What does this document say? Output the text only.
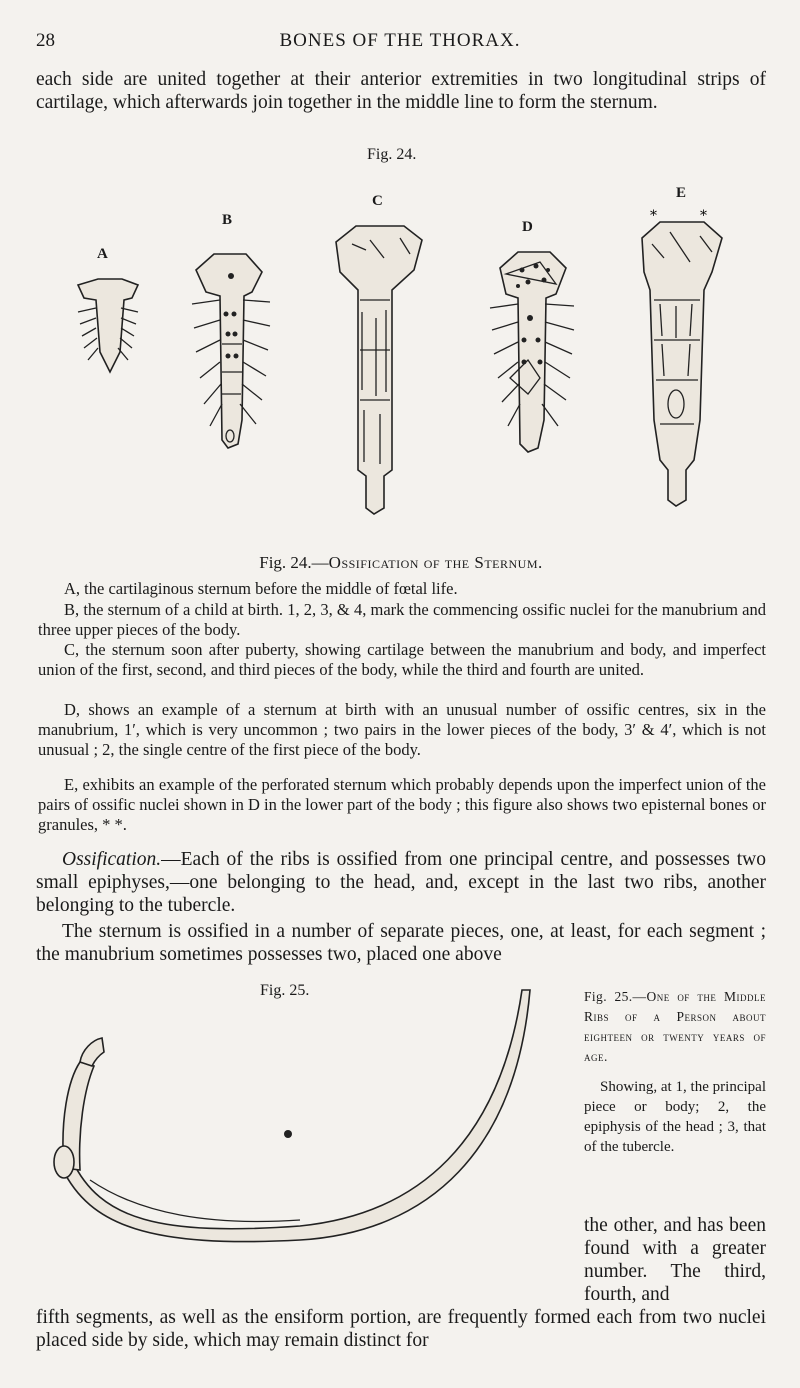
28	BONES OF THE THORAX.

each side are united together at their anterior extremities in two longitudinal strips of cartilage, which afterwards join together in the middle line to form the sternum.

Fig. 24.
A
B
C
D
E
*	*
Fig. 24.—Ossification of the Sternum.

A, the cartilaginous sternum before the middle of fœtal life.

B, the sternum of a child at birth. 1, 2, 3, & 4, mark the commencing ossific nuclei for the manubrium and three upper pieces of the body.

C, the sternum soon after puberty, showing cartilage between the manubrium and body, and imperfect union of the first, second, and third pieces of the body, while the third and fourth are united.

D, shows an example of a sternum at birth with an unusual number of ossific centres, six in the manubrium, 1′, which is very uncommon ; two pairs in the lower pieces of the body, 3′ & 4′, which is not unusual ; 2, the single centre of the first piece of the body.

E, exhibits an example of the perforated sternum which probably depends upon the imperfect union of the pairs of ossific nuclei shown in D in the lower part of the body ; this figure also shows two episternal bones or granules, * *.

Ossification.—Each of the ribs is ossified from one principal centre, and possesses two small epiphyses,—one belonging to the head, and, except in the last two ribs, another belonging to the tubercle.

The sternum is ossified in a number of separate pieces, one, at least, for each segment ; the manubrium sometimes possesses two, placed one above

Fig. 25.	Fig. 25.—One of the Middle Ribs of a Person about eighteen or twenty years of age.
Showing, at 1, the principal piece or body; 2, the epiphysis of the head ; 3, that of the tubercle.

the other, and has been found with a greater number. The third, fourth, and

fifth segments, as well as the ensiform portion, are frequently formed each from two nuclei placed side by side, which may remain distinct for
